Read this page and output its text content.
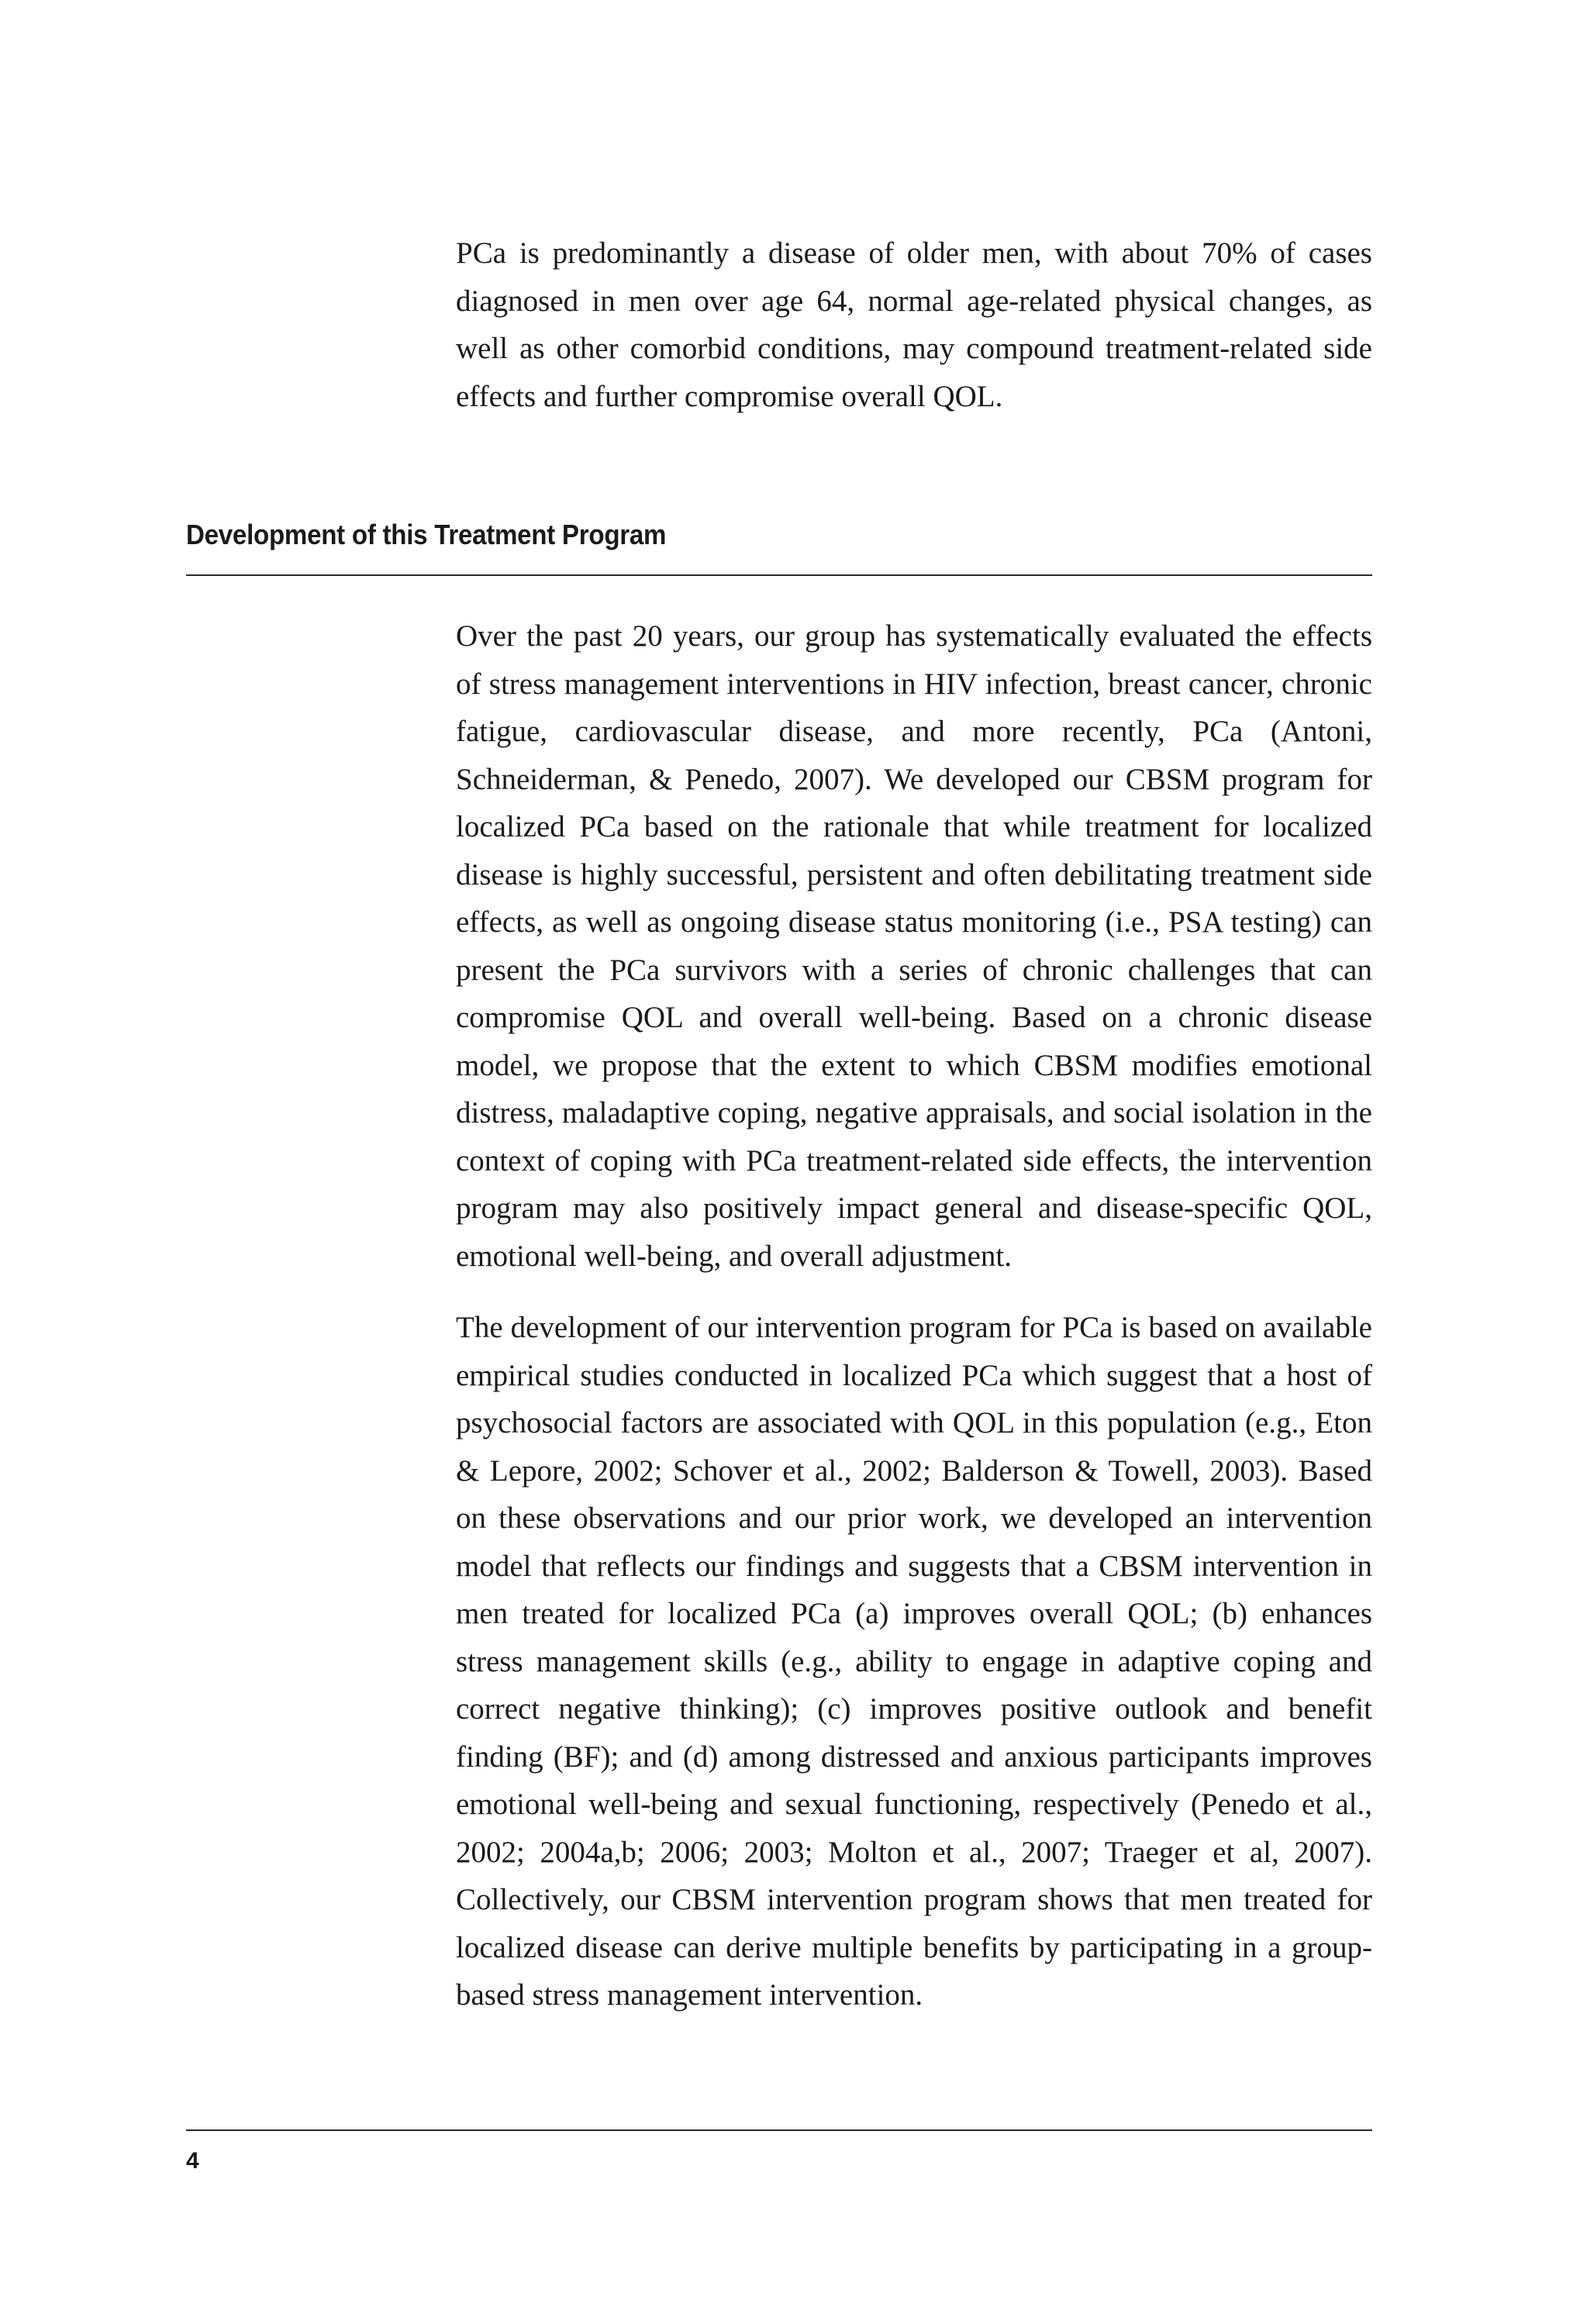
PCa is predominantly a disease of older men, with about 70% of cases diagnosed in men over age 64, normal age-related physical changes, as well as other comorbid conditions, may compound treatment-related side effects and further compromise overall QOL.

Development of this Treatment Program

Over the past 20 years, our group has systematically evaluated the effects of stress management interventions in HIV infection, breast cancer, chronic fatigue, cardiovascular disease, and more recently, PCa (Antoni, Schneiderman, & Penedo, 2007). We developed our CBSM program for localized PCa based on the rationale that while treatment for localized disease is highly successful, persistent and often debilitating treatment side effects, as well as ongoing disease status monitoring (i.e., PSA testing) can present the PCa survivors with a series of chronic challenges that can compromise QOL and overall well-being. Based on a chronic disease model, we propose that the extent to which CBSM modifies emotional distress, maladaptive coping, negative appraisals, and social isolation in the context of coping with PCa treatment-related side effects, the intervention program may also positively impact general and disease-specific QOL, emotional well-being, and overall adjustment.

The development of our intervention program for PCa is based on available empirical studies conducted in localized PCa which suggest that a host of psychosocial factors are associated with QOL in this population (e.g., Eton & Lepore, 2002; Schover et al., 2002; Balderson & Towell, 2003). Based on these observations and our prior work, we developed an intervention model that reflects our findings and suggests that a CBSM intervention in men treated for localized PCa (a) improves overall QOL; (b) enhances stress management skills (e.g., ability to engage in adaptive coping and correct negative thinking); (c) improves positive outlook and benefit finding (BF); and (d) among distressed and anxious participants improves emotional well-being and sexual functioning, respectively (Penedo et al., 2002; 2004a,b; 2006; 2003; Molton et al., 2007; Traeger et al, 2007). Collectively, our CBSM intervention program shows that men treated for localized disease can derive multiple benefits by participating in a group-based stress management intervention.

4
